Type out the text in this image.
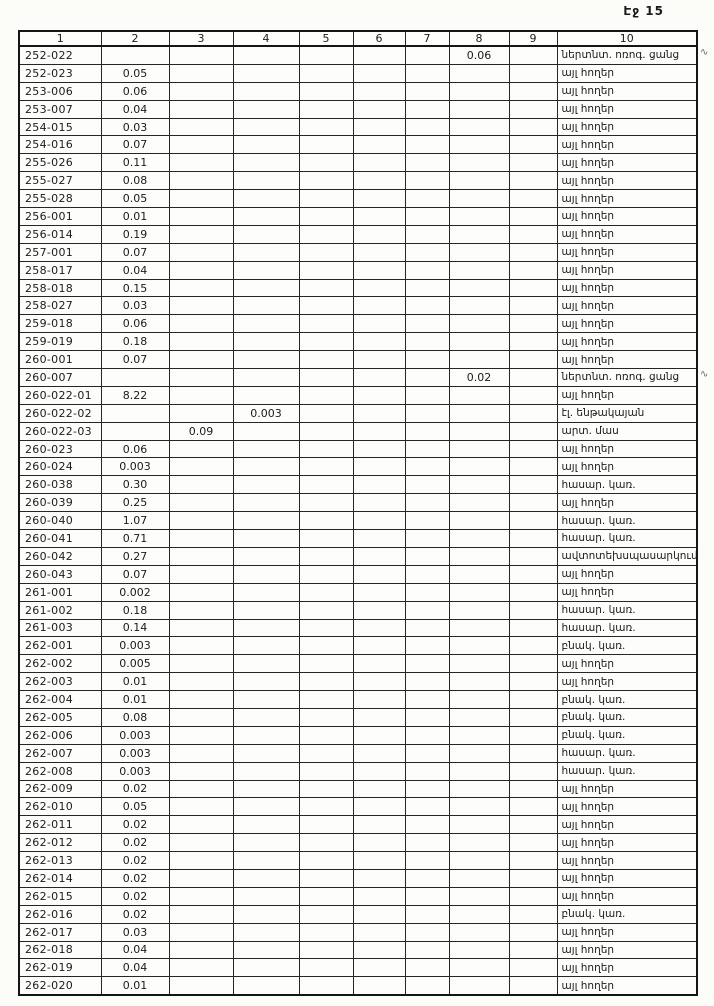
Էջ 15
1	2	3	4	5	6	7	8	9	10
252-022							0.06		ներտնտ. ոռոգ. ցանց ∿

252-023	0.05								այլ հողեր
253-006	0.06								այլ հողեր
253-007	0.04								այլ հողեր
254-015	0.03								այլ հողեր
254-016	0.07								այլ հողեր
255-026	0.11								այլ հողեր
255-027	0.08								այլ հողեր
255-028	0.05								այլ հողեր
256-001	0.01								այլ հողեր
256-014	0.19								այլ հողեր
257-001	0.07								այլ հողեր
258-017	0.04								այլ հողեր
258-018	0.15								այլ հողեր
258-027	0.03								այլ հողեր
259-018	0.06								այլ հողեր
259-019	0.18								այլ հողեր
260-001	0.07								այլ հողեր
260-007							0.02		ներտնտ. ոռոգ. ցանց ∿

260-022-01	8.22								այլ հողեր
260-022-02			0.003						էլ. ենթակայան
260-022-03		0.09							արտ. մաս
260-023	0.06								այլ հողեր
260-024	0.003								այլ հողեր
260-038	0.30								հասար. կառ.
260-039	0.25								այլ հողեր
260-040	1.07								հասար. կառ.
260-041	0.71								հասար. կառ.
260-042	0.27								ավտոտեխսպասարկում
260-043	0.07								այլ հողեր
261-001	0.002								այլ հողեր
261-002	0.18								հասար. կառ.
261-003	0.14								հասար. կառ.
262-001	0.003								բնակ. կառ.
262-002	0.005								այլ հողեր
262-003	0.01								այլ հողեր
262-004	0.01								բնակ. կառ.
262-005	0.08								բնակ. կառ.
262-006	0.003								բնակ. կառ.
262-007	0.003								հասար. կառ.
262-008	0.003								հասար. կառ.
262-009	0.02								այլ հողեր
262-010	0.05								այլ հողեր
262-011	0.02								այլ հողեր
262-012	0.02								այլ հողեր
262-013	0.02								այլ հողեր
262-014	0.02								այլ հողեր
262-015	0.02								այլ հողեր
262-016	0.02								բնակ. կառ.
262-017	0.03								այլ հողեր
262-018	0.04								այլ հողեր
262-019	0.04								այլ հողեր
262-020	0.01								այլ հողեր
